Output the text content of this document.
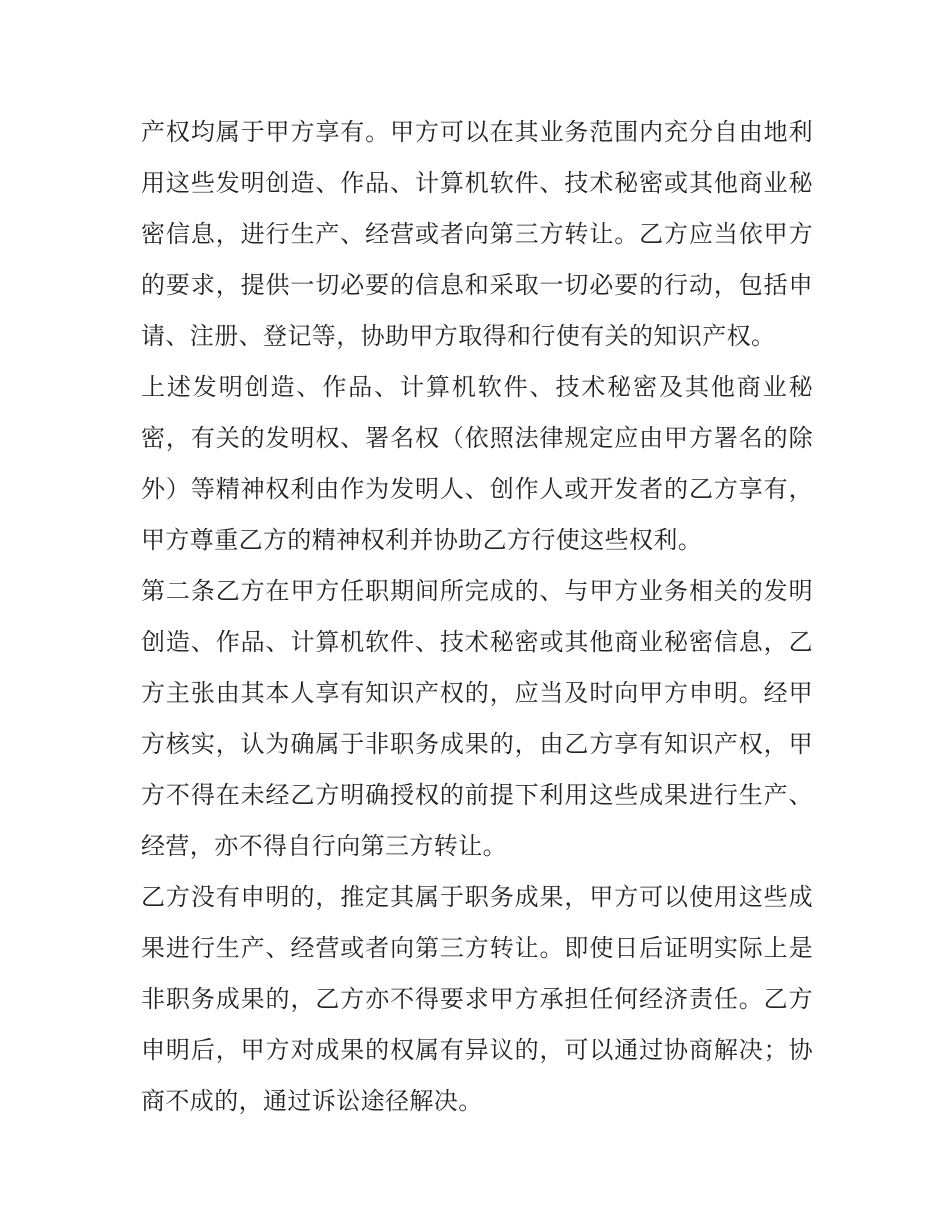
产权均属于甲方享有。甲方可以在其业务范围内充分自由地利用这些发明创造、作品、计算机软件、技术秘密或其他商业秘密信息，进行生产、经营或者向第三方转让。乙方应当依甲方的要求，提供一切必要的信息和采取一切必要的行动，包括申请、注册、登记等，协助甲方取得和行使有关的知识产权。

上述发明创造、作品、计算机软件、技术秘密及其他商业秘密，有关的发明权、署名权（依照法律规定应由甲方署名的除外）等精神权利由作为发明人、创作人或开发者的乙方享有，甲方尊重乙方的精神权利并协助乙方行使这些权利。

第二条乙方在甲方任职期间所完成的、与甲方业务相关的发明创造、作品、计算机软件、技术秘密或其他商业秘密信息，乙方主张由其本人享有知识产权的，应当及时向甲方申明。经甲方核实，认为确属于非职务成果的，由乙方享有知识产权，甲方不得在未经乙方明确授权的前提下利用这些成果进行生产、经营，亦不得自行向第三方转让。

乙方没有申明的，推定其属于职务成果，甲方可以使用这些成果进行生产、经营或者向第三方转让。即使日后证明实际上是非职务成果的，乙方亦不得要求甲方承担任何经济责任。乙方申明后，甲方对成果的权属有异议的，可以通过协商解决；协商不成的，通过诉讼途径解决。
